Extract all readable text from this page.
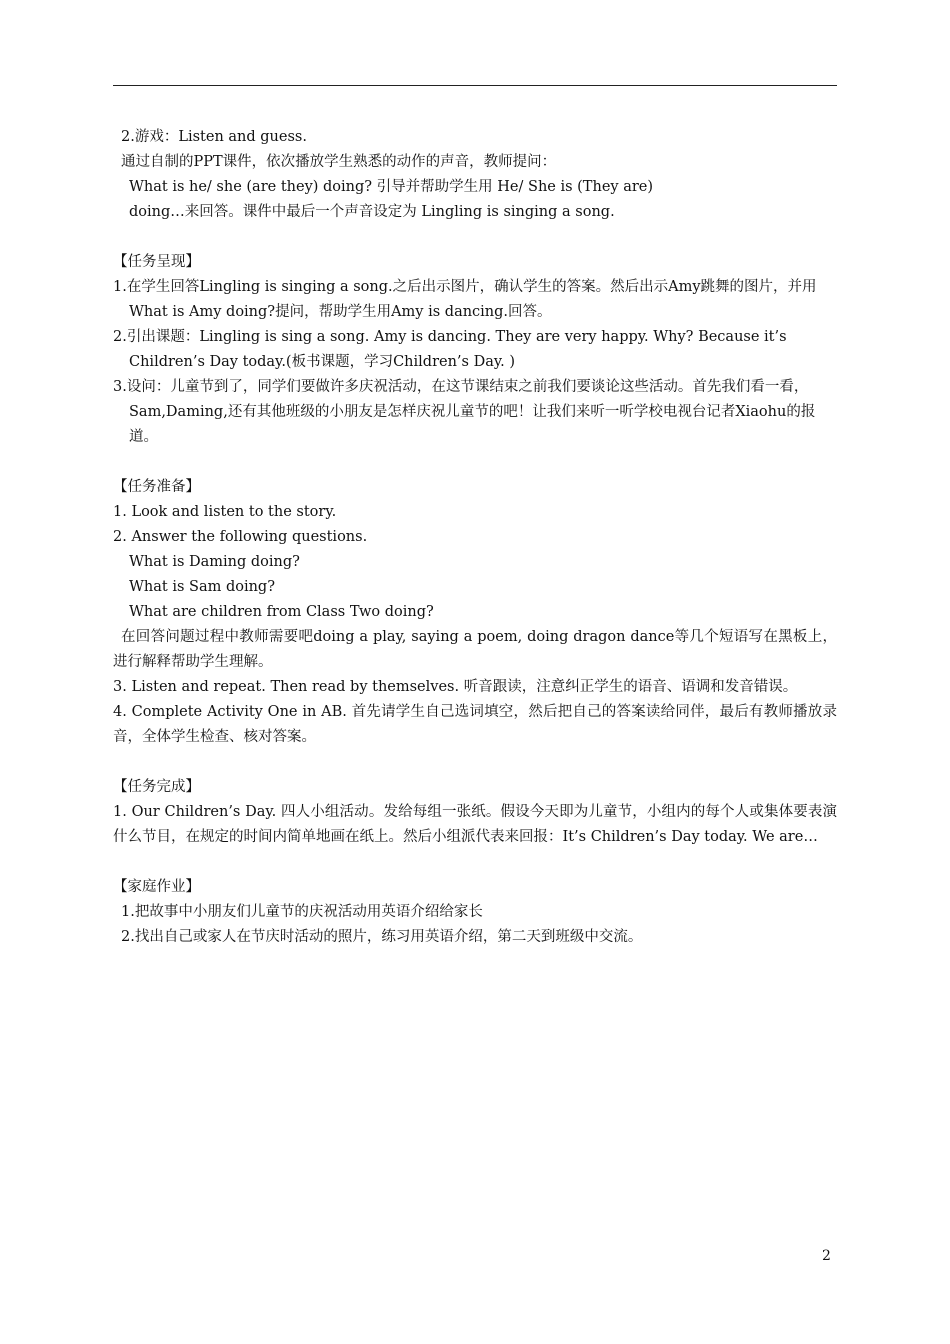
2.游戏：Listen and guess.
通过自制的PPT课件，依次播放学生熟悉的动作的声音，教师提问：
What is he/ she (are they) doing? 引导并帮助学生用 He/ She is (They are)
doing…来回答。课件中最后一个声音设定为 Lingling is singing a song.
【任务呈现】
1.在学生回答Lingling is singing a song.之后出示图片，确认学生的答案。然后出示Amy跳舞的图片，并用What is Amy doing?提问，帮助学生用Amy is dancing.回答。
2.引出课题：Lingling is sing a song. Amy is dancing. They are very happy. Why? Because it’s Children’s Day today.(板书课题，学习Children’s Day. )
3.设问：儿童节到了，同学们要做许多庆祝活动，在这节课结束之前我们要谈论这些活动。首先我们看一看，Sam,Daming,还有其他班级的小朋友是怎样庆祝儿童节的吧！让我们来听一听学校电视台记者Xiaohu的报道。
【任务准备】
1. Look and listen to the story.
2. Answer the following questions.
What is Daming doing?
What is Sam doing?
What are children from Class Two doing?
在回答问题过程中教师需要吧doing a play, saying a poem, doing dragon dance等几个短语写在黑板上，进行解释帮助学生理解。
3. Listen and repeat. Then read by themselves. 听音跟读，注意纠正学生的语音、语调和发音错误。
4. Complete Activity One in AB. 首先请学生自己选词填空，然后把自己的答案读给同伴，最后有教师播放录音，全体学生检查、核对答案。
【任务完成】
1. Our Children’s Day. 四人小组活动。发给每组一张纸。假设今天即为儿童节，小组内的每个人或集体要表演什么节目，在规定的时间内简单地画在纸上。然后小组派代表来回报：It’s Children’s Day today. We are…
【家庭作业】
1.把故事中小朋友们儿童节的庆祝活动用英语介绍给家长
2.找出自己或家人在节庆时活动的照片，练习用英语介绍，第二天到班级中交流。
2
